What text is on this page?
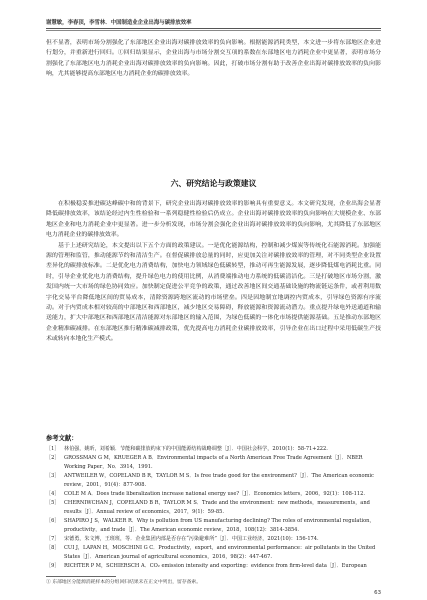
谢慧敏，李春顶，李雪林．中国制造业企业出海与碳排放效率

但不显著，表明市场分割强化了东部地区企业出海对碳排放效率的负向影响。根据能源消耗类型，本文进一步将东部地区企业进行划分，并重新进行回归。①回归结果显示，企业出海与市场分割交互项的系数在东部地区电力消耗企业中更显著，表明市场分割强化了东部地区电力消耗企业出海对碳排放效率的负向影响。因此，打破市场分割有助于改善企业出海对碳排放效率的负向影响，尤其能够提高东部地区电力消耗企业的碳排放效率。

六、研究结论与政策建议

在积极稳妥推进碳达峰碳中和的背景下，研究企业出海对碳排放效率的影响具有重要意义。本文研究发现，企业出海会显著降低碳排放效率，该结论经过内生性检验和一系列稳健性检验后仍成立。企业出海对碳排放效率的负向影响在大规模企业、东部地区企业和电力消耗企业中更显著。进一步分析发现，市场分割会强化企业出海对碳排放效率的负向影响，尤其降低了东部地区电力消耗企业的碳排放效率。

基于上述研究结论，本文提出以下五个方面的政策建议。一是优化能源结构，控制和减少煤炭等传统化石能源消耗。加强能源的管理和监管，推动能源节约和清洁生产。在督促碳排放总量的同时，应更加关注对碳排放效率的管理，对不同类型企业设置差异化的碳排放标准。二是优化电力消费结构，加快电力领域绿色低碳转型，推动可再生能源发展，逐步降低煤电消耗比重。同时，引导企业优化电力消费结构，提升绿色电力的使用比例，从消费端推动电力系统的低碳清洁化。三是打破地区市场分割，激发国内统一大市场的绿色协同效应。加快制定促进公平竞争的政策，通过改善地区间交通基础设施的物流链运条件，或者利用数字化交易平台降低地区间的贸易成本，清除资源跨地区流动的市场壁垒。四是因地制宜地调控内贸成本，引导绿色资源有序流动。对于内贸成本相对较高的中部地区和西部地区，减少地区交易障碍，释放能源和资源流动潜力。重点提升绿电外送通道和输送能力，扩大中部地区和西部地区清洁能源对东部地区的输入范围，为绿色低碳的一体化市场提供能源基础。五是推动东部地区企业精准碳减排。在东部地区推行精准碳减排政策，优先提高电力消耗企业碳排放效率，引导企业在出口过程中采用低碳生产技术或转向本地化生产模式。

参考文献：
［1］ 林伯强，姚昕，刘希颖．节能和碳排放约束下的中国能源结构战略调整［J］．中国社会科学，2010(1)：58-71+222.
［2］ GROSSMAN G M，KRUEGER A B．Environmental impacts of a North American Free Trade Agreement［J］．NBER Working Paper，No．3914，1991.
［3］ ANTWEILER W，COPELAND B R，TAYLOR M S．Is free trade good for the environment?［J］．The American economic review，2001，91(4)：877-908.
［4］ COLE M A．Does trade liberalization increase national energy use?［J］．Economics letters，2006，92(1)：108-112.
［5］ CHERNIWCHAN J，COPELAND B R，TAYLOR M S．Trade and the environment：new methods，measurements，and results［J］．Annual review of economics，2017，9(1)：59-85.
［6］ SHAPIRO J S，WALKER R．Why is pollution from US manufacturing declining? The roles of environmental regulation，productivity，and trade［J］．The American economic review，2018，108(12)：3814-3854.
［7］ 宋德勇，朱文博，王班班，等．企业集团内部是否存在“污染避难所”［J］．中国工业经济，2021(10)：156-174.
［8］ CUI J，LAPAN H，MOSCHINI G C．Productivity，export，and environmental performance：air pollutants in the United States［J］．American journal of agricultural economics，2016，98(2)：447-467.
［9］ RICHTER P M，SCHIERSCH A．CO₂ emission intensity and exporting：evidence from firm-level data［J］．European
① 东部地区分能源消耗样本的分组回归结果未在正文中列出，留存备索。
63
